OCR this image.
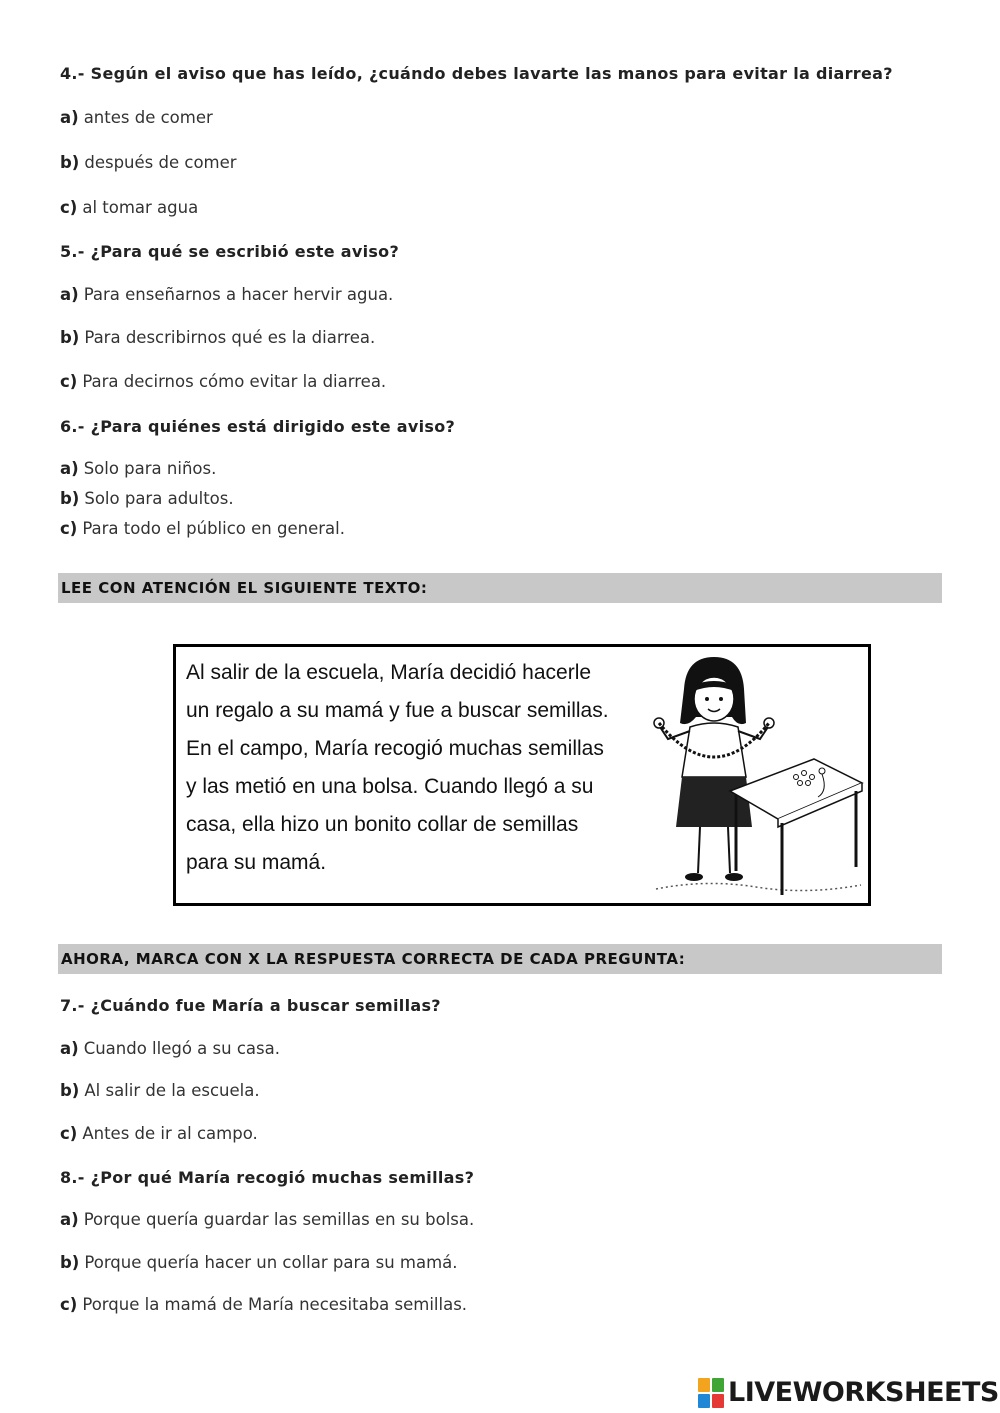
4.- Según el aviso que has leído, ¿cuándo debes lavarte las manos para evitar la diarrea?
a) antes de comer
b) después de comer
c) al tomar agua
5.- ¿Para qué se escribió este aviso?
a) Para enseñarnos a hacer hervir agua.
b) Para describirnos qué es la diarrea.
c) Para decirnos cómo evitar la diarrea.
6.- ¿Para quiénes está dirigido este aviso?
a) Solo para niños.
b) Solo para adultos.
c) Para todo el público en general.
LEE CON ATENCIÓN EL SIGUIENTE TEXTO:
Al salir de la escuela, María decidió hacerle
un regalo a su mamá y fue a buscar semillas.
En el campo, María recogió muchas semillas
y las metió en una bolsa. Cuando llegó a su
casa, ella hizo un bonito collar de semillas
para su mamá.
AHORA, MARCA CON X LA RESPUESTA CORRECTA DE CADA PREGUNTA:
7.- ¿Cuándo fue María a buscar semillas?
a) Cuando llegó a su casa.
b) Al salir de la escuela.
c) Antes de ir al campo.
8.- ¿Por qué María recogió muchas semillas?
a) Porque quería guardar las semillas en su bolsa.
b) Porque quería hacer un collar para su mamá.
c) Porque la mamá de María necesitaba semillas.
LIVEWORKSHEETS
